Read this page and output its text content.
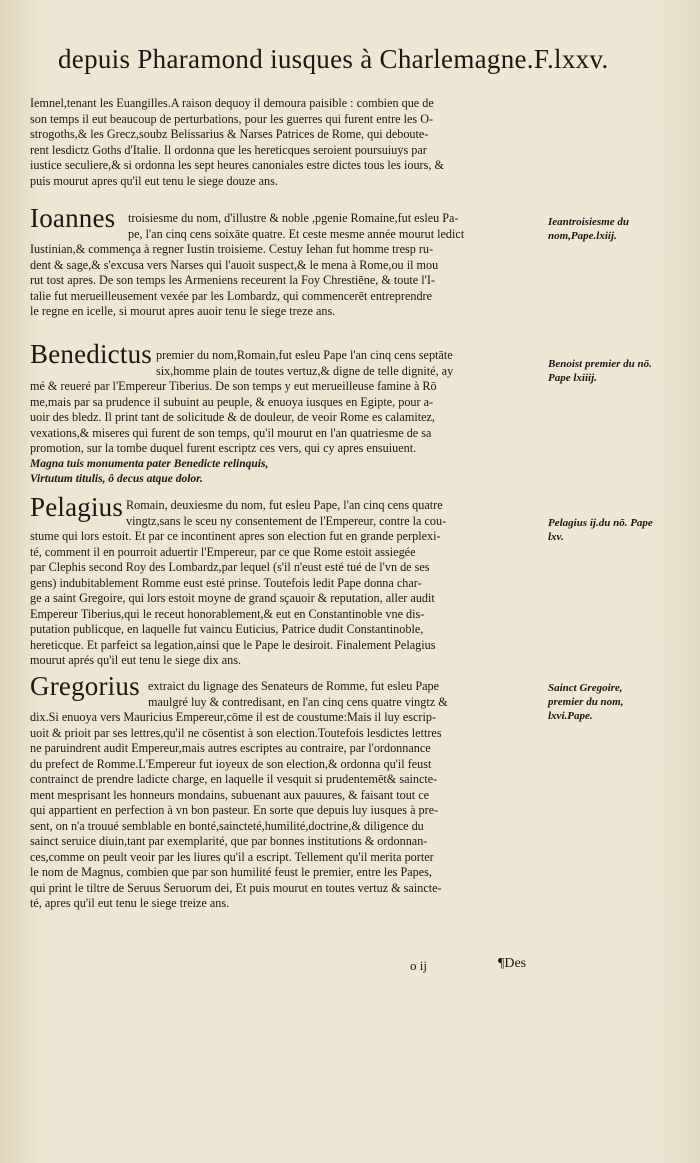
depuis Pharamond iusques à Charlemagne.F.lxxv.
Iemnel,tenant les Euangilles.A raison dequoy il demoura paisible : combien que de
son temps il eut beaucoup de perturbations, pour les guerres qui furent entre les O-
strogoths,& les Grecz,soubz Belissarius & Narses Patrices de Rome, qui deboute-
rent lesdictz Goths d'Italie. Il ordonna que les hereticques seroient poursuiuys par
iustice seculiere,& si ordonna les sept heures canoniales estre dictes tous les iours, &
puis mourut apres qu'il eut tenu le siege douze ans.
Ioannes	troisiesme du nom, d'illustre & noble ,pgenie Romaine,fut esleu Pa-
pe, l'an cinq cens soixāte quatre. Et ceste mesme année mourut ledict
Iustinian,& commença à regner Iustin troisieme. Cestuy Iehan fut homme tresp ru-
dent & sage,& s'excusa vers Narses qui l'auoit suspect,& le mena à Rome,ou il mou
rut tost apres. De son temps les Armeniens receurent la Foy Chrestiēne, & toute l'I-
talie fut merueilleusement vexée par les Lombardz, qui commencerēt entreprendre
le regne en icelle, si mourut apres auoir tenu le siege treze ans.
Ieantroisiesme du nom,Pape.lxiij.
Benedictus premier du nom,Romain,fut esleu Pape l'an cinq cens septāte
six,homme plain de toutes vertuz,& digne de telle dignité, ay
mé & reueré par l'Empereur Tiberius. De son temps y eut merueilleuse famine à Rō
me,mais par sa prudence il subuint au peuple, & enuoya iusques en Egipte, pour a-
uoir des bledz. Il print tant de solicitude & de douleur, de veoir Rome es calamitez,
vexations,& miseres qui furent de son temps, qu'il mourut en l'an quatriesme de sa
promotion, sur la tombe duquel furent escriptz ces vers, qui cy apres ensuiuent.
Magna tuis monumenta pater Benedicte relinquis,
Virtutum titulis, ô decus atque dolor.
Benoist premier du nō. Pape lxiiij.
Pelagius Romain, deuxiesme du nom, fut esleu Pape, l'an cinq cens quatre
vingtz,sans le sceu ny consentement de l'Empereur, contre la cou-
stume qui lors estoit. Et par ce incontinent apres son election fut en grande perplexi-
té, comment il en pourroit aduertir l'Empereur, par ce que Rome estoit assiegée
par Clephis second Roy des Lombardz,par lequel (s'il n'eust esté tué de l'vn de ses
gens) indubitablement Romme eust esté prinse. Toutefois ledit Pape donna char-
ge a saint Gregoire, qui lors estoit moyne de grand sçauoir & reputation, aller audit
Empereur Tiberius,qui le receut honorablement,& eut en Constantinoble vne dis-
putation publicque, en laquelle fut vaincu Euticius, Patrice dudit Constantinoble,
hereticque. Et parfeict sa legation,ainsi que le Pape le desiroit. Finalement Pelagius
mourut aprés qu'il eut tenu le siege dix ans.
Pelagius ij.du nō. Pape lxv.
Gregorius extraict du lignage des Senateurs de Romme, fut esleu Pape
maulgré luy & contredisant, en l'an cinq cens quatre vingtz &
dix.Si enuoya vers Mauricius Empereur,cōme il est de coustume:Mais il luy escrip-
uoit & prioit par ses lettres,qu'il ne cōsentist à son election.Toutefois lesdictes lettres
ne paruindrent audit Empereur,mais autres escriptes au contraire, par l'ordonnance
du prefect de Romme.L'Empereur fut ioyeux de son election,& ordonna qu'il feust
contrainct de prendre ladicte charge, en laquelle il vesquit si prudentemēt& saincte-
ment mesprisant les honneurs mondains, subuenant aux pauures, & faisant tout ce
qui appartient en perfection à vn bon pasteur. En sorte que depuis luy iusques à pre-
sent, on n'a trouué semblable en bonté,saincteté,humilité,doctrine,& diligence du
sainct seruice diuin,tant par exemplarité, que par bonnes institutions & ordonnan-
ces,comme on peult veoir par les liures qu'il a escript. Tellement qu'il merita porter
le nom de Magnus, combien que par son humilité feust le premier, entre les Papes,
qui print le tiltre de Seruus Seruorum dei, Et puis mourut en toutes vertuz & saincte-
té, apres qu'il eut tenu le siege treize ans.
Sainct Gregoire, premier du nom, lxvi.Pape.
o ij	¶Des
